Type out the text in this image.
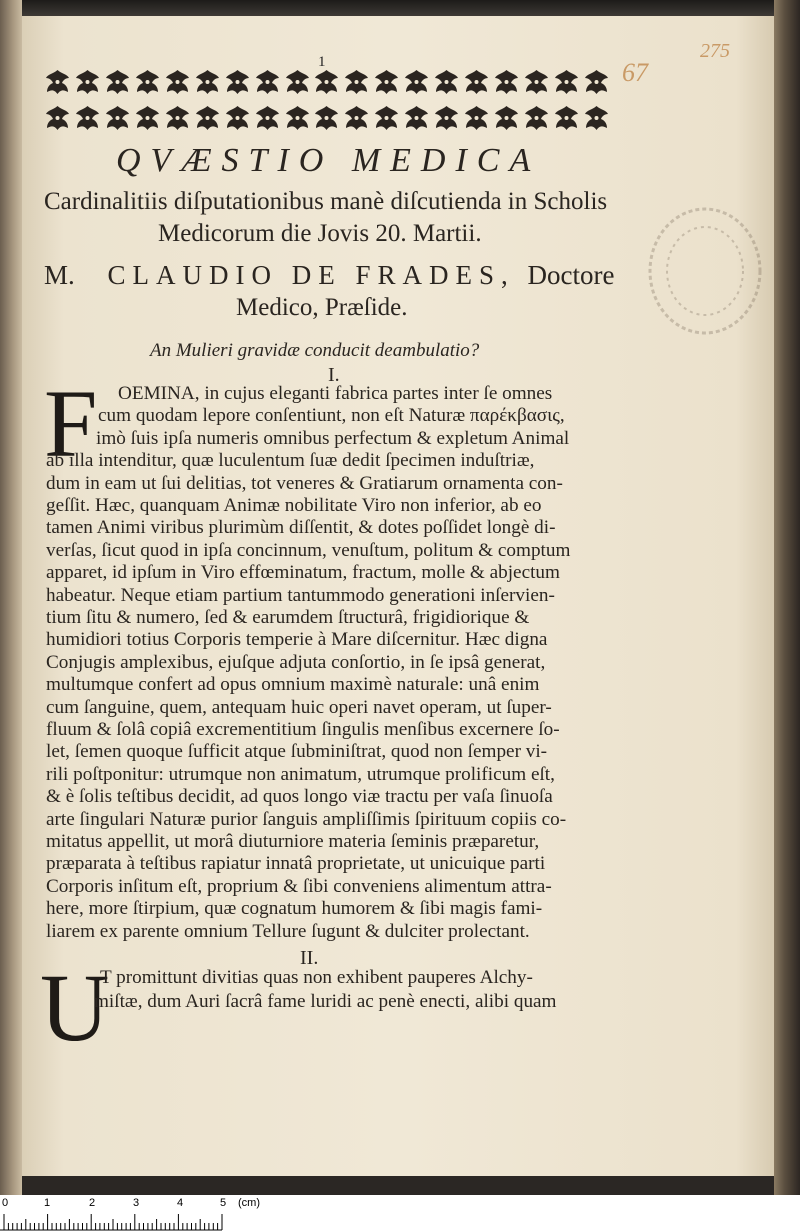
275
67
1
QVÆSTIO MEDICA
Cardinalitiis diſputationibus manè diſcutienda in Scholis
Medicorum die Jovis 20. Martii.
M. CLAUDIO DE FRADES, Doctore
Medico, Præſide.
An Mulieri gravidæ conducit deambulatio?
I.
F OEMINA, in cujus eleganti fabrica partes inter ſe omnes
cum quodam lepore conſentiunt, non eſt Naturæ παρέκβασις,
imò ſuis ipſa numeris omnibus perfectum & expletum Animal
ab illa intenditur, quæ luculentum ſuæ dedit ſpecimen induſtriæ,
dum in eam ut ſui delitias, tot veneres & Gratiarum ornamenta con-
geſſit. Hæc, quanquam Animæ nobilitate Viro non inferior, ab eo
tamen Animi viribus plurimùm diſſentit, & dotes poſſidet longè di-
verſas, ſicut quod in ipſa concinnum, venuſtum, politum & comptum
apparet, id ipſum in Viro effœminatum, fractum, molle & abjectum
habeatur. Neque etiam partium tantummodo generationi inſervien-
tium ſitu & numero, ſed & earumdem ſtructurâ, frigidiorique &
humidiori totius Corporis temperie à Mare diſcernitur. Hæc digna
Conjugis amplexibus, ejuſque adjuta conſortio, in ſe ipsâ generat,
multumque confert ad opus omnium maximè naturale: unâ enim
cum ſanguine, quem, antequam huic operi navet operam, ut ſuper-
fluum & ſolâ copiâ excrementitium ſingulis menſibus excernere ſo-
let, ſemen quoque ſufficit atque ſubminiſtrat, quod non ſemper vi-
rili poſtponitur: utrumque non animatum, utrumque prolificum eſt,
& è ſolis teſtibus decidit, ad quos longo viæ tractu per vaſa ſinuoſa
arte ſingulari Naturæ purior ſanguis ampliſſimis ſpirituum copiis co-
mitatus appellit, ut morâ diuturniore materia ſeminis præparetur,
præparata à teſtibus rapiatur innatâ proprietate, ut unicuique parti
Corporis inſitum eſt, proprium & ſibi conveniens alimentum attra-
here, more ſtirpium, quæ cognatum humorem & ſibi magis fami-
liarem ex parente omnium Tellure ſugunt & dulciter prolectant.
II.
U
T promittunt divitias quas non exhibent pauperes Alchy-
miſtæ, dum Auri ſacrâ fame luridi ac penè enecti, alibi quam
0	1	2	3	4	5 (cm)
